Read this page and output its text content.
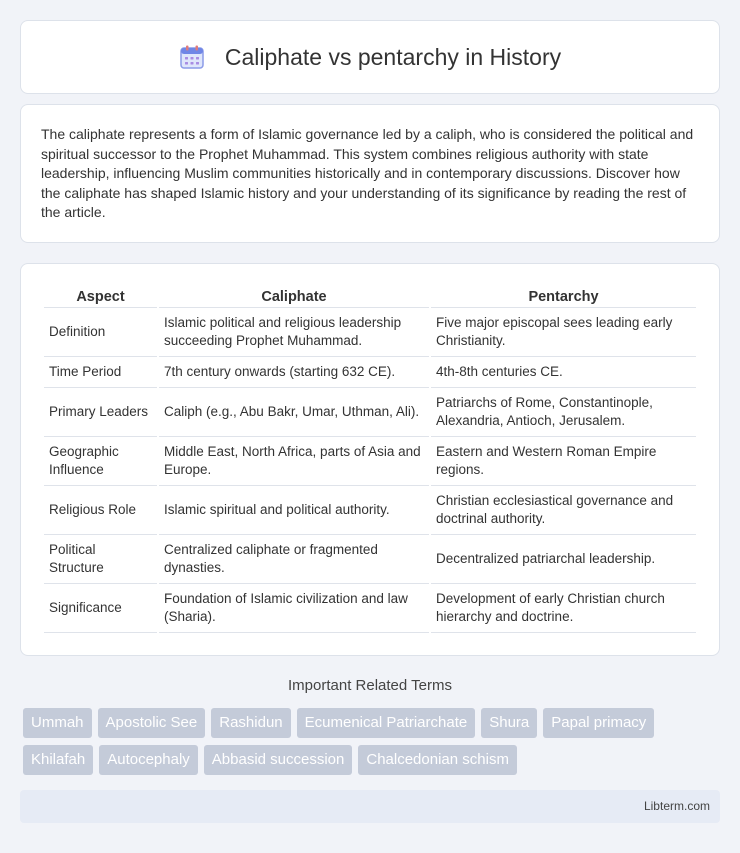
Caliphate vs pentarchy in History

The caliphate represents a form of Islamic governance led by a caliph, who is considered the political and spiritual successor to the Prophet Muhammad. This system combines religious authority with state leadership, influencing Muslim communities historically and in contemporary discussions. Discover how the caliphate has shaped Islamic history and your understanding of its significance by reading the rest of the article.

Aspect	Caliphate	Pentarchy
Definition	Islamic political and religious leadership succeeding Prophet Muhammad.	Five major episcopal sees leading early Christianity.
Time Period	7th century onwards (starting 632 CE).	4th-8th centuries CE.
Primary Leaders	Caliph (e.g., Abu Bakr, Umar, Uthman, Ali).	Patriarchs of Rome, Constantinople, Alexandria, Antioch, Jerusalem.
Geographic Influence	Middle East, North Africa, parts of Asia and Europe.	Eastern and Western Roman Empire regions.
Religious Role	Islamic spiritual and political authority.	Christian ecclesiastical governance and doctrinal authority.
Political Structure	Centralized caliphate or fragmented dynasties.	Decentralized patriarchal leadership.
Significance	Foundation of Islamic civilization and law (Sharia).	Development of early Christian church hierarchy and doctrine.
Important Related Terms
Ummah	Apostolic See	Rashidun	Ecumenical Patriarchate	Shura	Papal primacy
Khilafah	Autocephaly	Abbasid succession	Chalcedonian schism
Libterm.com
